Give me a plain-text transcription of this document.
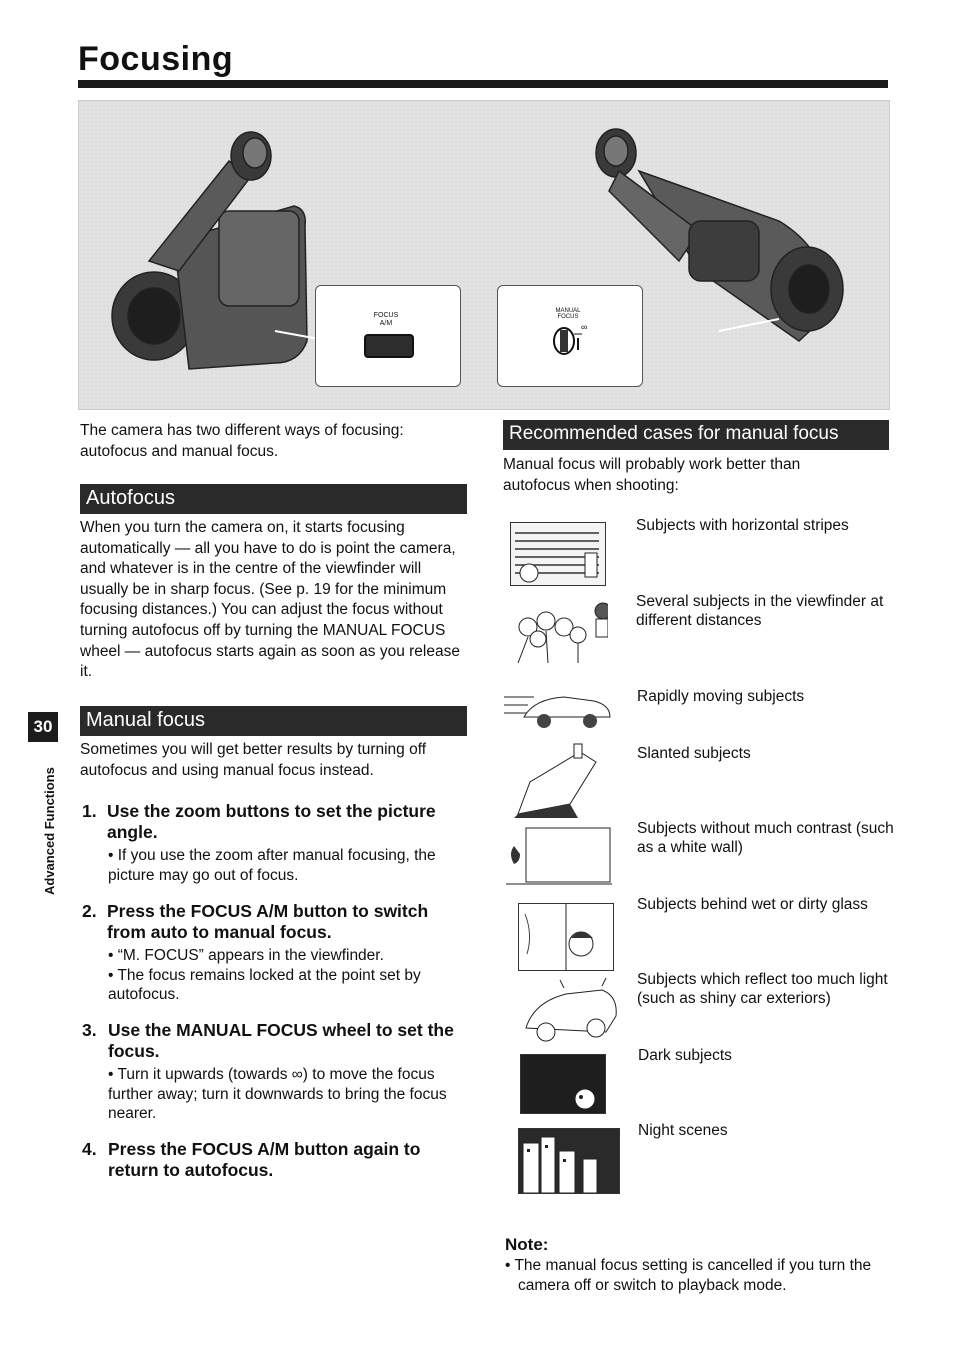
Focusing
30
Advanced Functions
FOCUS
A/M
MANUAL
FOCUS
∞
The camera has two different ways of focusing: autofocus and manual focus.
Autofocus
When you turn the camera on, it starts focusing automatically — all you have to do is point the camera, and whatever is in the centre of the viewfinder will usually be in sharp focus. (See p. 19 for the minimum focusing distances.) You can adjust the focus without turning autofocus off by turning the MANUAL FOCUS wheel — autofocus starts again as soon as you release it.
Manual focus
Sometimes you will get better results by turning off autofocus and using manual focus instead.
1. Use the zoom buttons to set the picture angle.
• If you use the zoom after manual focusing, the picture may go out of focus.
2. Press the FOCUS A/M button to switch from auto to manual focus.
• “M. FOCUS” appears in the viewfinder.
• The focus remains locked at the point set by autofocus.
3. Use the MANUAL FOCUS wheel to set the focus.
• Turn it upwards (towards ∞) to move the focus further away; turn it downwards to bring the focus nearer.
4. Press the FOCUS A/M button again to return to autofocus.
Recommended cases for manual focus
Manual focus will probably work better than autofocus when shooting:
Subjects with horizontal stripes
Several subjects in the viewfinder at different distances
Rapidly moving subjects
Slanted subjects
Subjects without much contrast (such as a white wall)
Subjects behind wet or dirty glass
Subjects which reflect too much light (such as shiny car exteriors)
Dark subjects
Night scenes
Note:
• The manual focus setting is cancelled if you turn the camera off or switch to playback mode.
